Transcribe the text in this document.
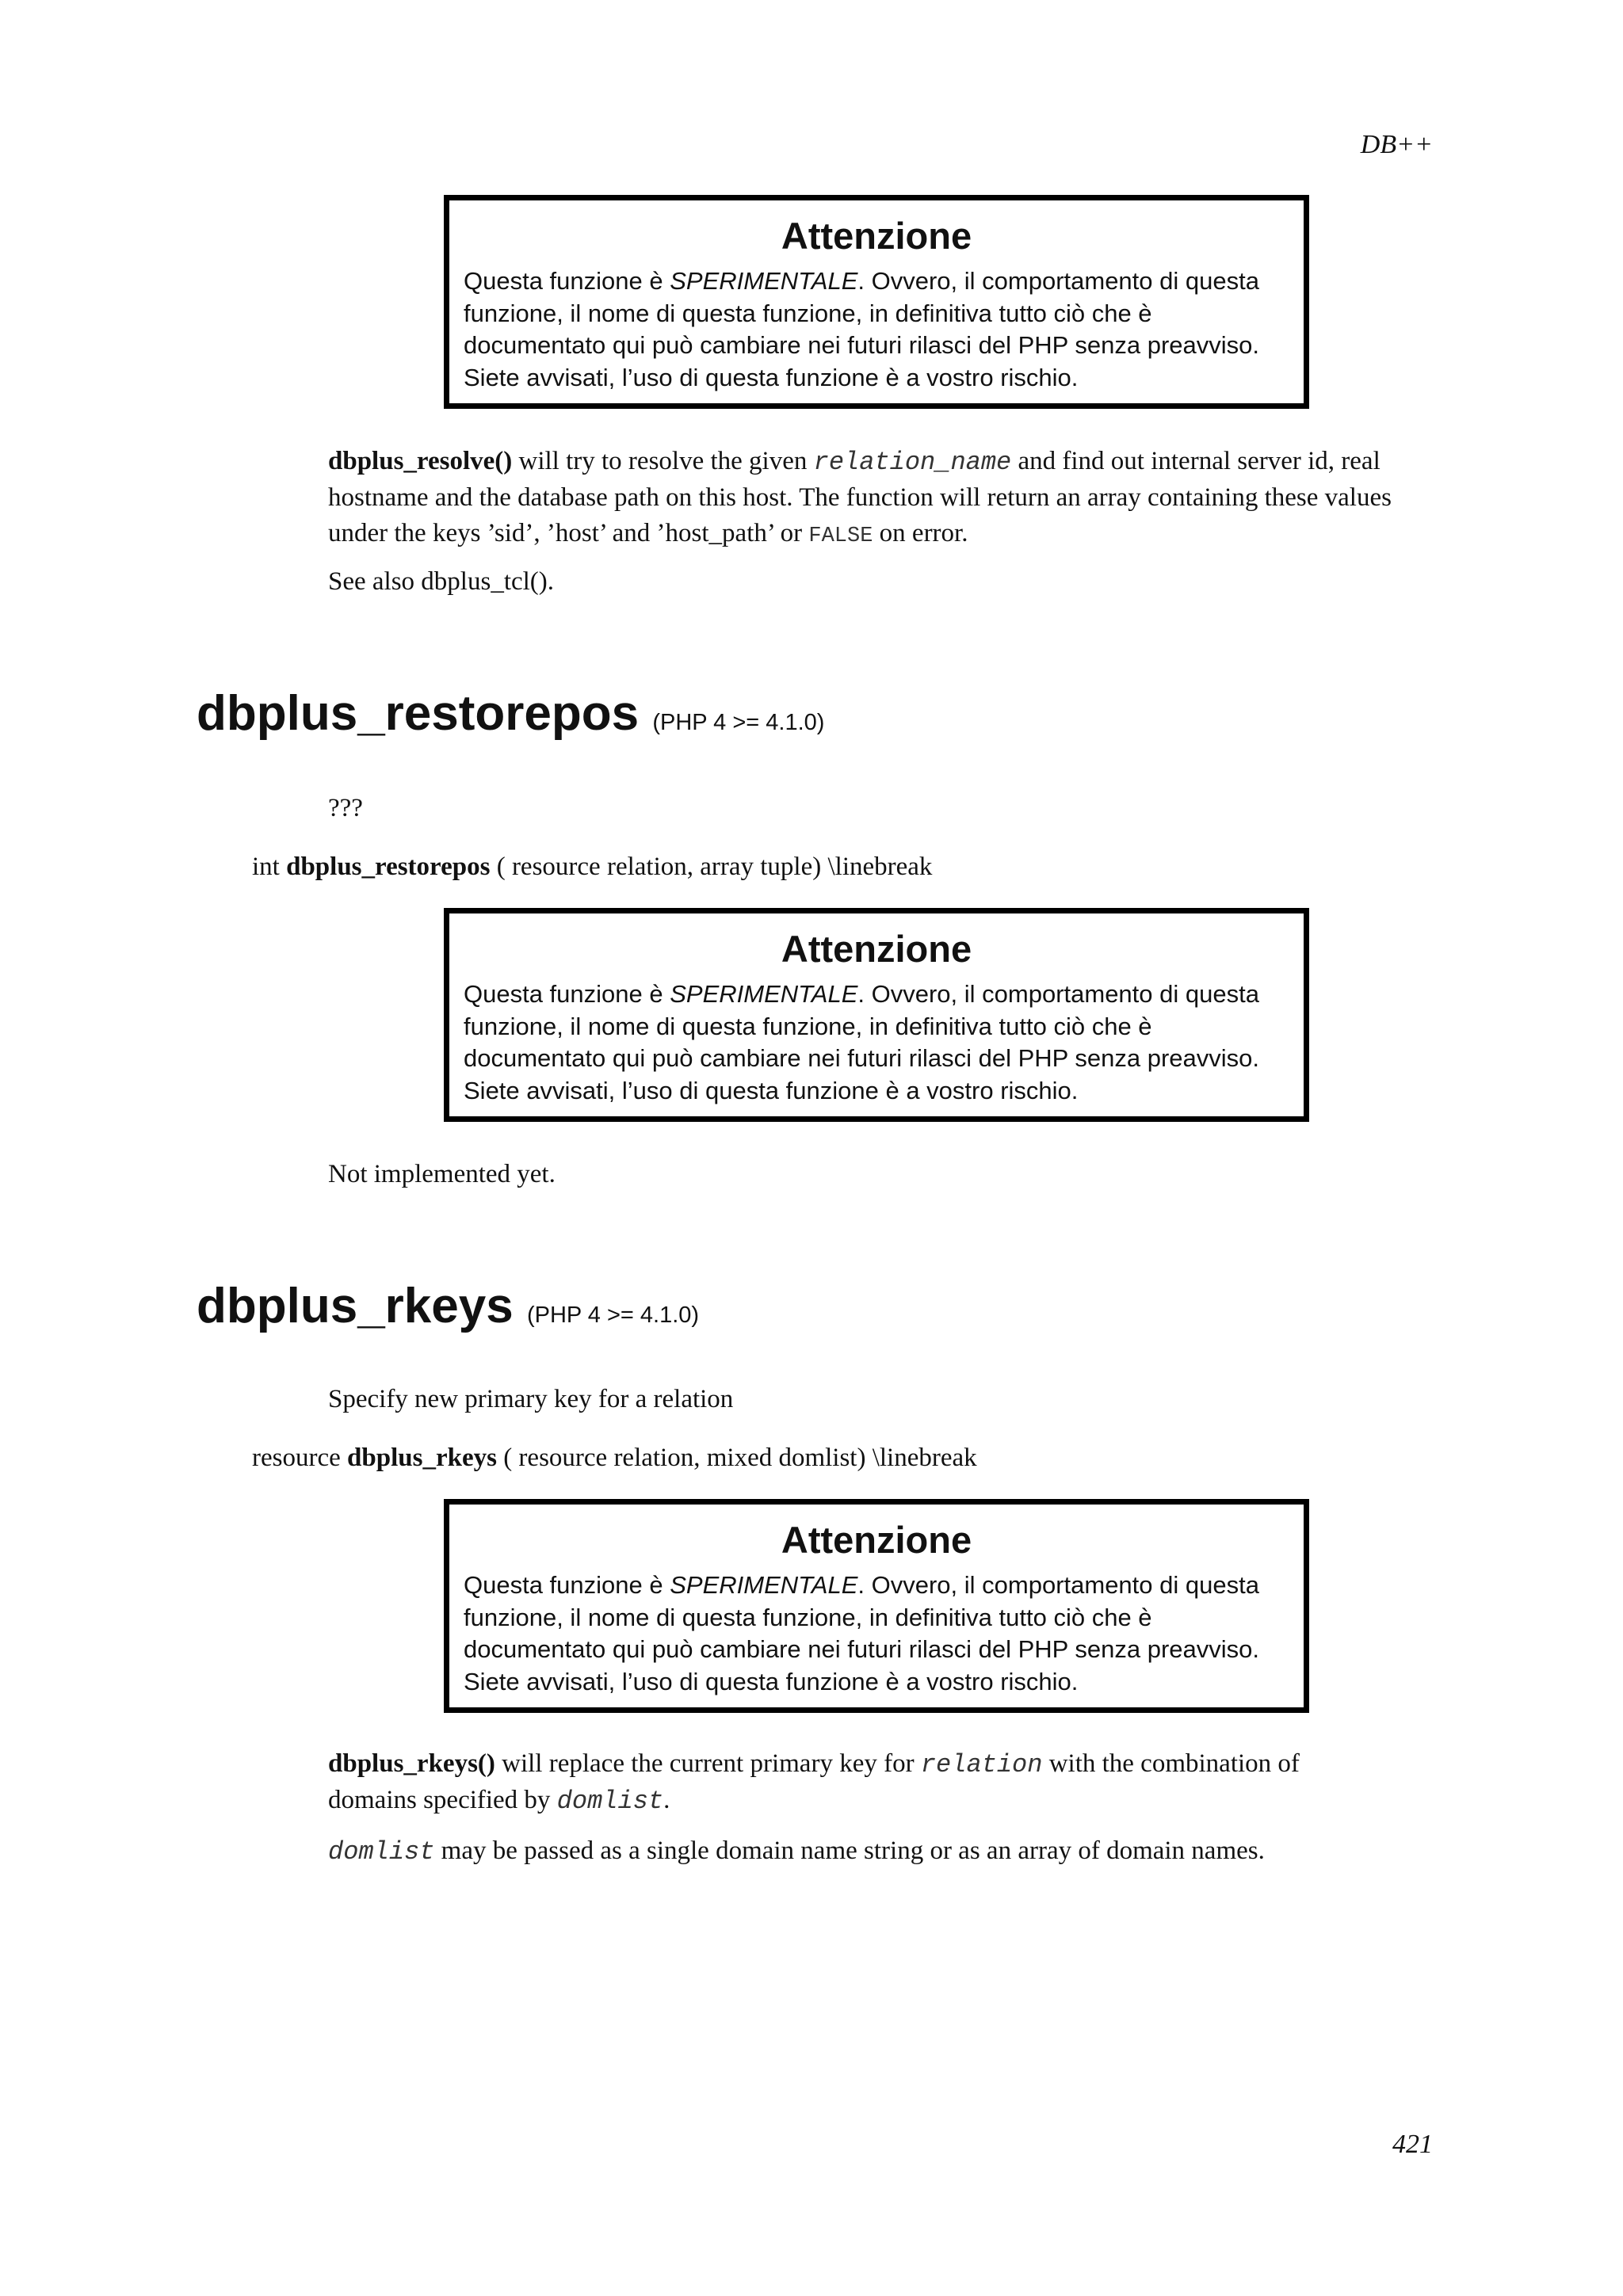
DB++
Attenzione

Questa funzione è SPERIMENTALE. Ovvero, il comportamento di questa funzione, il nome di questa funzione, in definitiva tutto ciò che è documentato qui può cambiare nei futuri rilasci del PHP senza preavviso. Siete avvisati, l’uso di questa funzione è a vostro rischio.

dbplus_resolve() will try to resolve the given relation_name and find out internal server id, real hostname and the database path on this host. The function will return an array containing these values under the keys ’sid’, ’host’ and ’host_path’ or FALSE on error.

See also dbplus_tcl().

dbplus_restorepos (PHP 4 >= 4.1.0)

???

int dbplus_restorepos ( resource relation, array tuple) \linebreak

Attenzione

Questa funzione è SPERIMENTALE. Ovvero, il comportamento di questa funzione, il nome di questa funzione, in definitiva tutto ciò che è documentato qui può cambiare nei futuri rilasci del PHP senza preavviso. Siete avvisati, l’uso di questa funzione è a vostro rischio.

Not implemented yet.

dbplus_rkeys (PHP 4 >= 4.1.0)

Specify new primary key for a relation

resource dbplus_rkeys ( resource relation, mixed domlist) \linebreak

Attenzione

Questa funzione è SPERIMENTALE. Ovvero, il comportamento di questa funzione, il nome di questa funzione, in definitiva tutto ciò che è documentato qui può cambiare nei futuri rilasci del PHP senza preavviso. Siete avvisati, l’uso di questa funzione è a vostro rischio.

dbplus_rkeys() will replace the current primary key for relation with the combination of domains specified by domlist.

domlist may be passed as a single domain name string or as an array of domain names.

421
